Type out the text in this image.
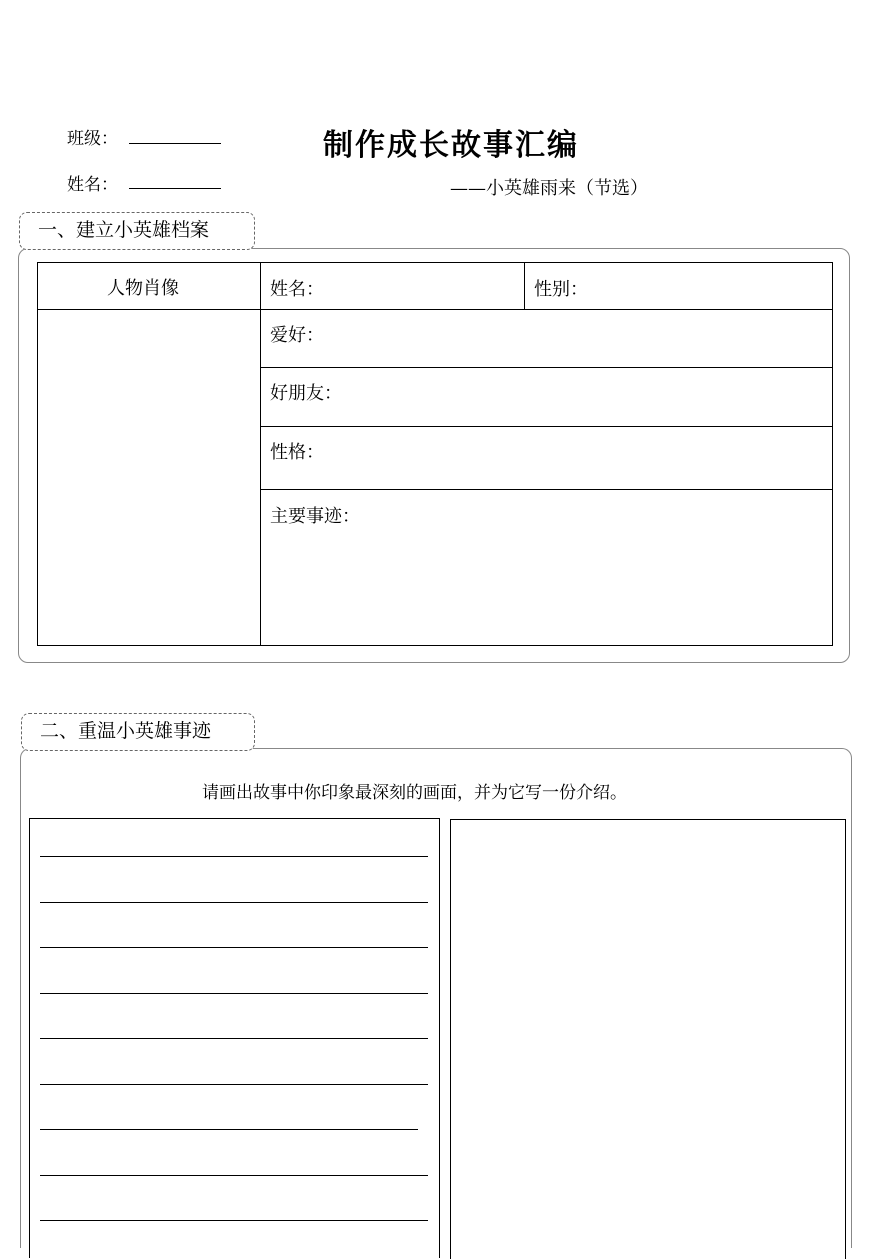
班级：
姓名：
制作成长故事汇编
——小英雄雨来（节选）
一、建立小英雄档案
人物肖像	姓名：	性别：
爱好：
好朋友：
性格：
主要事迹：
二、重温小英雄事迹
请画出故事中你印象最深刻的画面，并为它写一份介绍。
